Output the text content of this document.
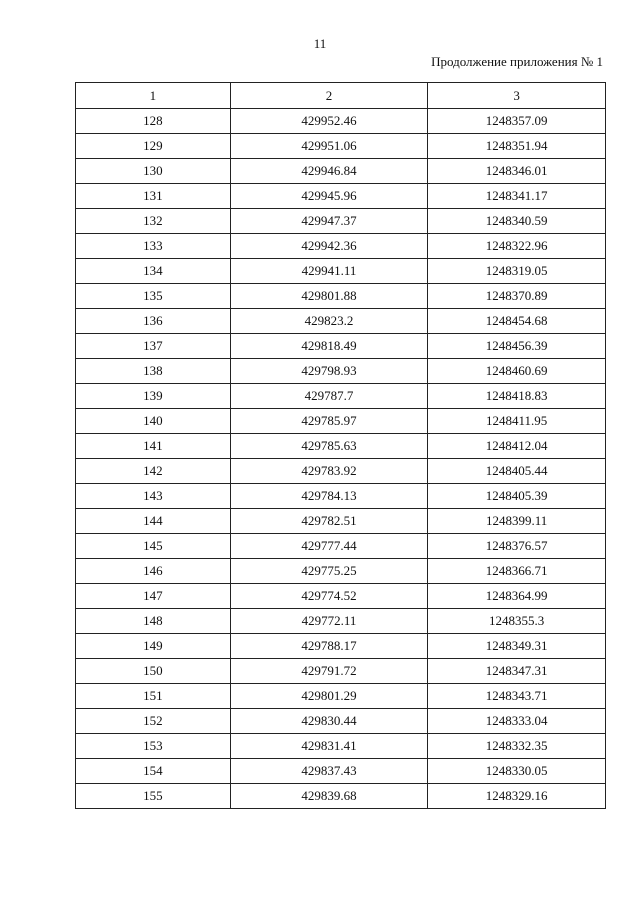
11
Продолжение приложения № 1
1	2	3
128	429952.46	1248357.09
129	429951.06	1248351.94
130	429946.84	1248346.01
131	429945.96	1248341.17
132	429947.37	1248340.59
133	429942.36	1248322.96
134	429941.11	1248319.05
135	429801.88	1248370.89
136	429823.2	1248454.68
137	429818.49	1248456.39
138	429798.93	1248460.69
139	429787.7	1248418.83
140	429785.97	1248411.95
141	429785.63	1248412.04
142	429783.92	1248405.44
143	429784.13	1248405.39
144	429782.51	1248399.11
145	429777.44	1248376.57
146	429775.25	1248366.71
147	429774.52	1248364.99
148	429772.11	1248355.3
149	429788.17	1248349.31
150	429791.72	1248347.31
151	429801.29	1248343.71
152	429830.44	1248333.04
153	429831.41	1248332.35
154	429837.43	1248330.05
155	429839.68	1248329.16
